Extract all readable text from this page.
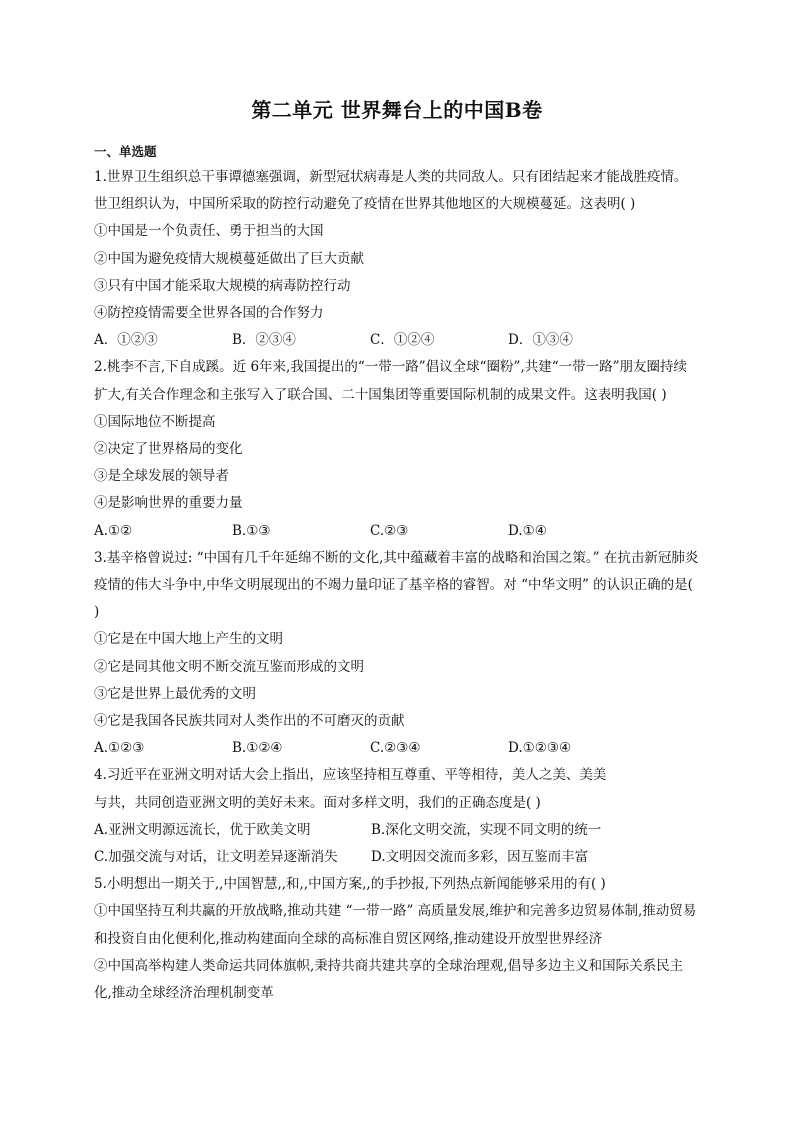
第二单元 世界舞台上的中国B卷
一、单选题
1.世界卫生组织总干事谭德塞强调，新型冠状病毒是人类的共同敌人。只有团结起来才能战胜疫情。世卫组织认为，中国所采取的防控行动避免了疫情在世界其他地区的大规模蔓延。这表明( )
①中国是一个负责任、勇于担当的大国
②中国为避免疫情大规模蔓延做出了巨大贡献
③只有中国才能采取大规模的病毒防控行动
④防控疫情需要全世界各国的合作努力
A．①②③	B．②③④	C．①②④	D．①③④
2.桃李不言,下自成蹊。近 6年来,我国提出的“一带一路”倡议全球“圈粉”,共建“一带一路”朋友圈持续扩大,有关合作理念和主张写入了联合国、二十国集团等重要国际机制的成果文件。这表明我国( )
①国际地位不断提高
②决定了世界格局的变化
③是全球发展的领导者
④是影响世界的重要力量
A.①②	B.①③	C.②③	D.①④
3.基辛格曾说过: “中国有几千年延绵不断的文化,其中蕴藏着丰富的战略和治国之策。” 在抗击新冠肺炎疫情的伟大斗争中,中华文明展现出的不竭力量印证了基辛格的睿智。对 “中华文明” 的认识正确的是( )
①它是在中国大地上产生的文明
②它是同其他文明不断交流互鉴而形成的文明
③它是世界上最优秀的文明
④它是我国各民族共同对人类作出的不可磨灭的贡献
A.①②③	B.①②④	C.②③④	D.①②③④
4.习近平在亚洲文明对话大会上指出，应该坚持相互尊重、平等相待，美人之美、美美
与共，共同创造亚洲文明的美好未来。面对多样文明，我们的正确态度是( )
A.亚洲文明源远流长，优于欧美文明	B.深化文明交流，实现不同文明的统一
C.加强交流与对话，让文明差异逐渐消失	D.文明因交流而多彩，因互鉴而丰富
5.小明想出一期关于,,中国智慧,,和,,中国方案,,的手抄报,下列热点新闻能够采用的有( )
①中国坚持互利共赢的开放战略,推动共建 “一带一路” 高质量发展,维护和完善多边贸易体制,推动贸易和投资自由化便利化,推动构建面向全球的高标准自贸区网络,推动建设开放型世界经济
②中国高举构建人类命运共同体旗帜,秉持共商共建共享的全球治理观,倡导多边主义和国际关系民主化,推动全球经济治理机制变革
